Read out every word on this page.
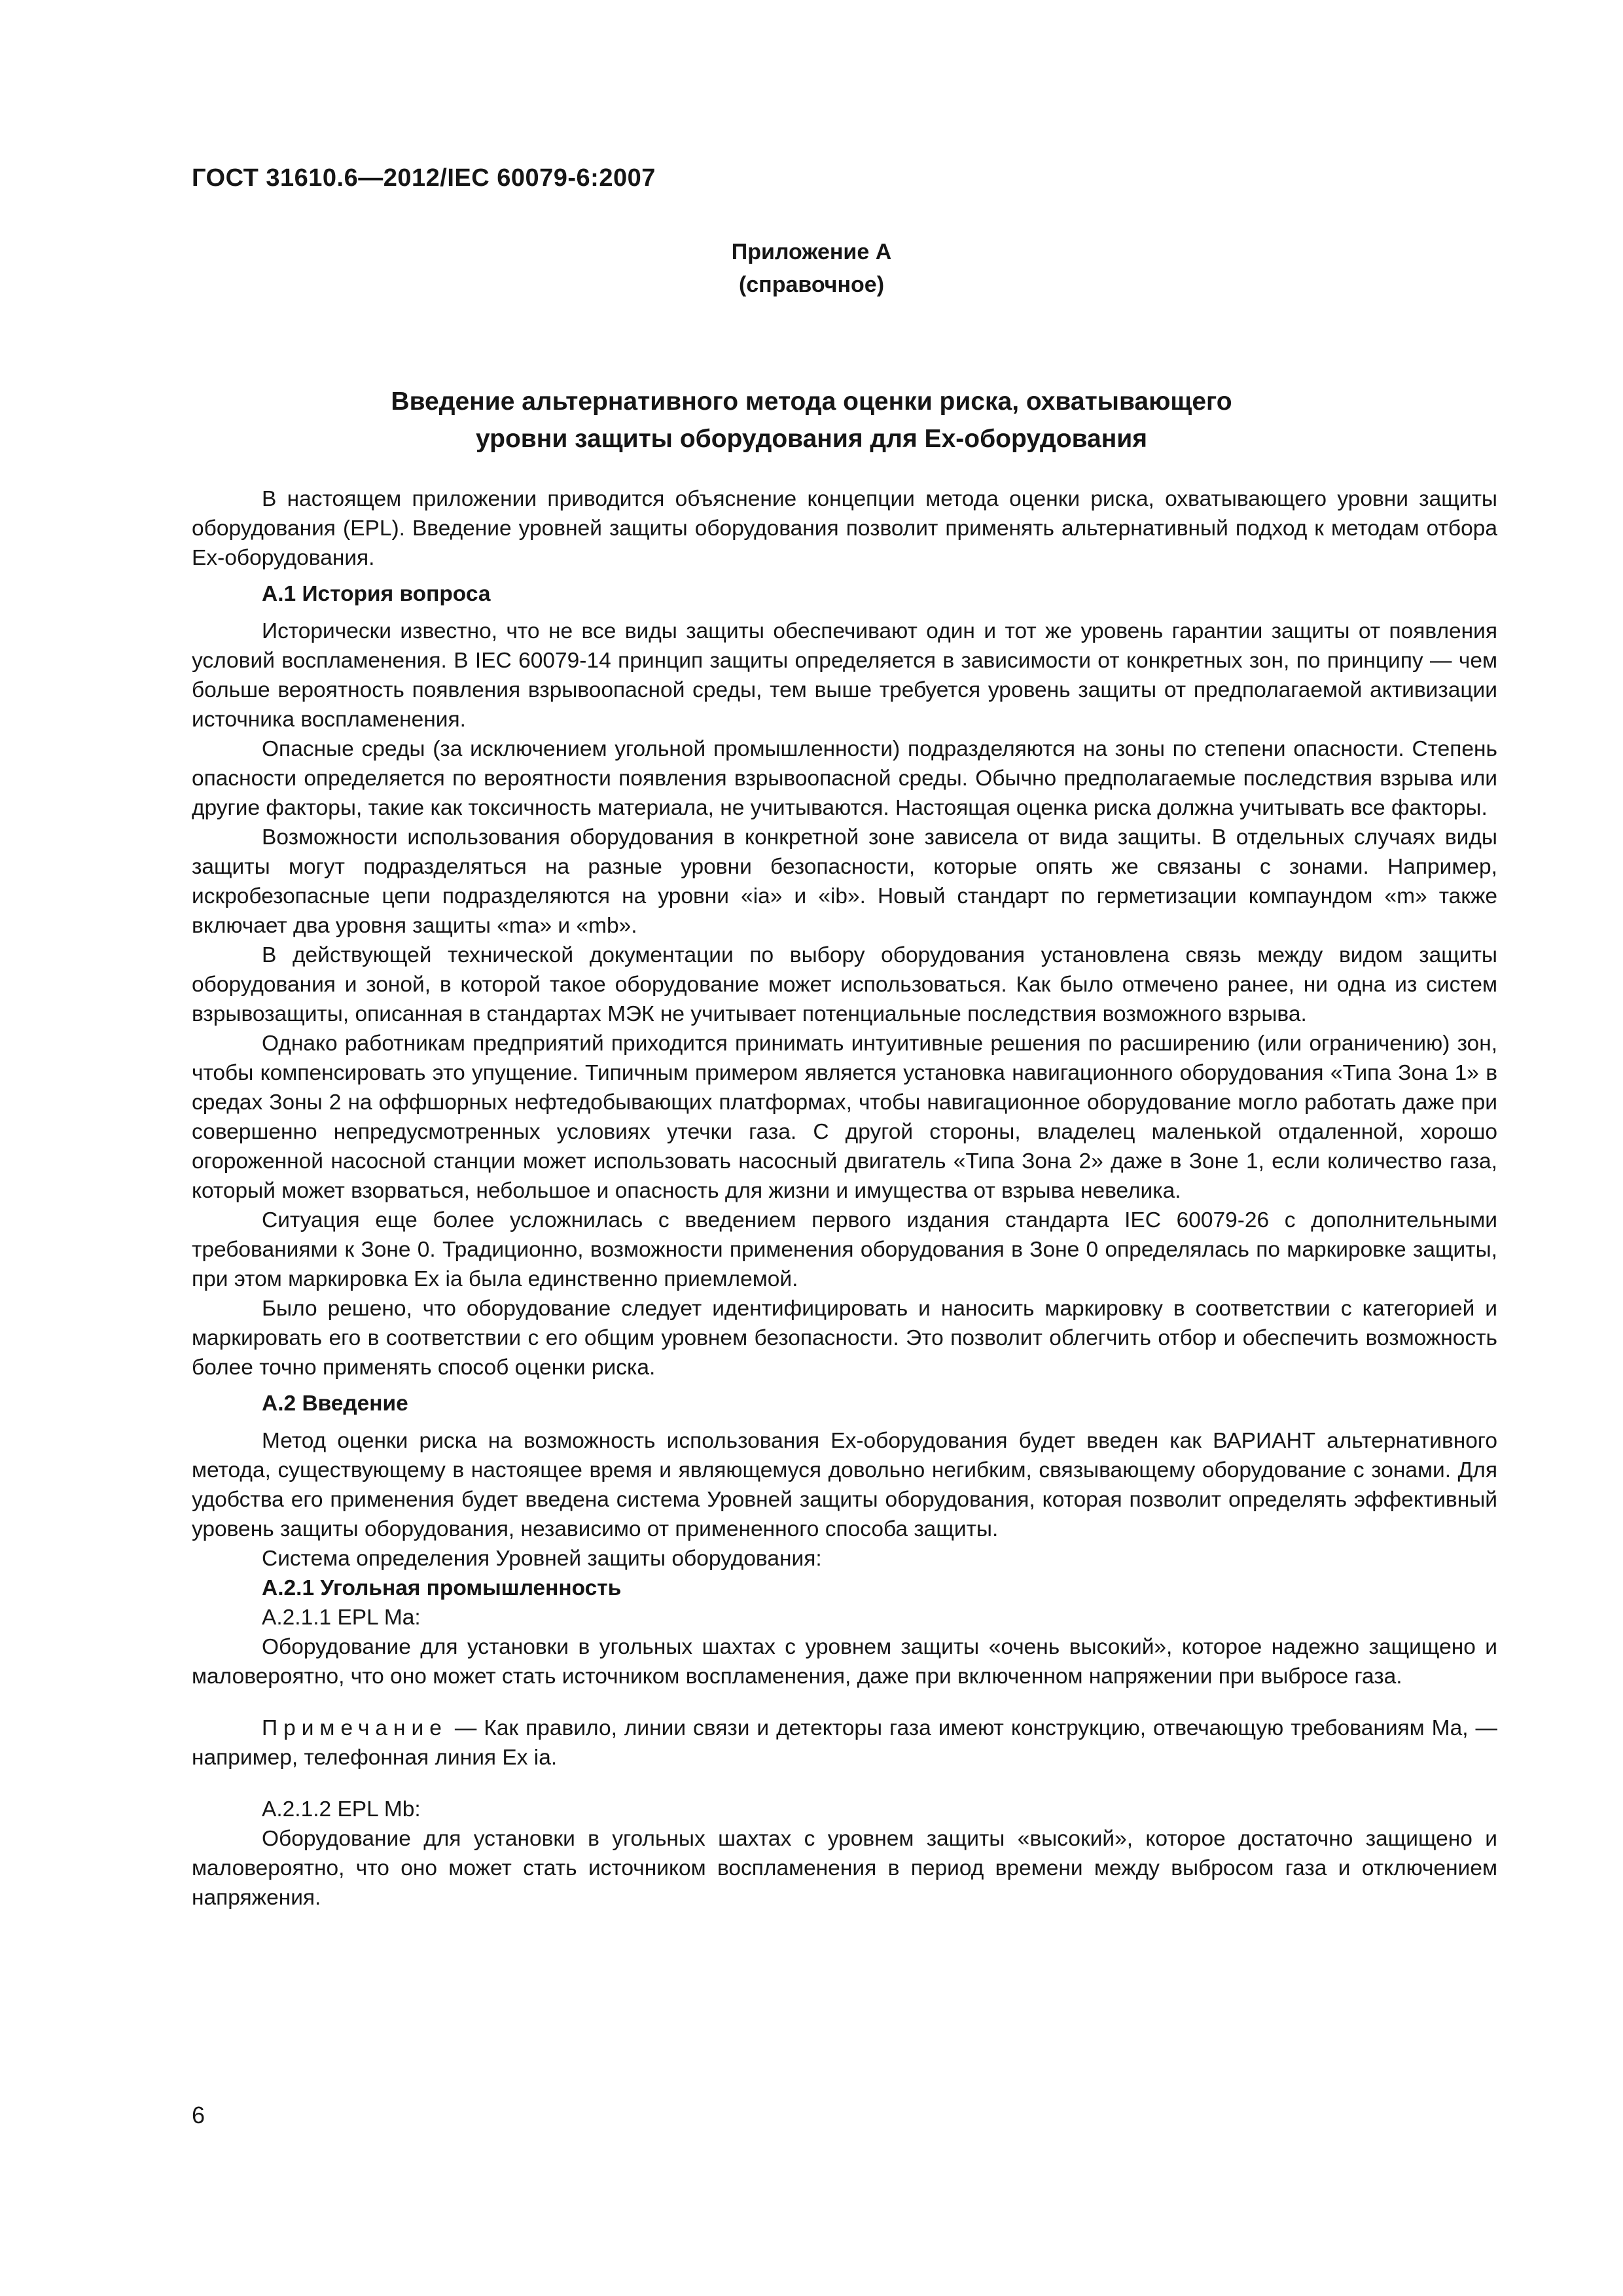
ГОСТ 31610.6—2012/IEC 60079-6:2007
Приложение А
(справочное)
Введение альтернативного метода оценки риска, охватывающего
уровни защиты оборудования для Ex-оборудования

В настоящем приложении приводится объяснение концепции метода оценки риска, охватывающего уровни защиты оборудования (EPL). Введение уровней защиты оборудования позволит применять альтернативный подход к методам отбора Ex-оборудования.

А.1 История вопроса

Исторически известно, что не все виды защиты обеспечивают один и тот же уровень гарантии защиты от появления условий воспламенения. В IEC 60079-14 принцип защиты определяется в зависимости от конкретных зон, по принципу — чем больше вероятность появления взрывоопасной среды, тем выше требуется уровень защиты от предполагаемой активизации источника воспламенения.

Опасные среды (за исключением угольной промышленности) подразделяются на зоны по степени опасности. Степень опасности определяется по вероятности появления взрывоопасной среды. Обычно предполагаемые последствия взрыва или другие факторы, такие как токсичность материала, не учитываются. Настоящая оценка риска должна учитывать все факторы.

Возможности использования оборудования в конкретной зоне зависела от вида защиты. В отдельных случаях виды защиты могут подразделяться на разные уровни безопасности, которые опять же связаны с зонами. Например, искробезопасные цепи подразделяются на уровни «ia» и «ib». Новый стандарт по герметизации компаундом «m» также включает два уровня защиты «ma» и «mb».

В действующей технической документации по выбору оборудования установлена связь между видом защиты оборудования и зоной, в которой такое оборудование может использоваться. Как было отмечено ранее, ни одна из систем взрывозащиты, описанная в стандартах МЭК не учитывает потенциальные последствия возможного взрыва.

Однако работникам предприятий приходится принимать интуитивные решения по расширению (или ограничению) зон, чтобы компенсировать это упущение. Типичным примером является установка навигационного оборудования «Типа Зона 1» в средах Зоны 2 на оффшорных нефтедобывающих платформах, чтобы навигационное оборудование могло работать даже при совершенно непредусмотренных условиях утечки газа. С другой стороны, владелец маленькой отдаленной, хорошо огороженной насосной станции может использовать насосный двигатель «Типа Зона 2» даже в Зоне 1, если количество газа, который может взорваться, небольшое и опасность для жизни и имущества от взрыва невелика.

Ситуация еще более усложнилась с введением первого издания стандарта IEC 60079-26 с дополнительными требованиями к Зоне 0. Традиционно, возможности применения оборудования в Зоне 0 определялась по маркировке защиты, при этом маркировка Ex ia была единственно приемлемой.

Было решено, что оборудование следует идентифицировать и наносить маркировку в соответствии с категорией и маркировать его в соответствии с его общим уровнем безопасности. Это позволит облегчить отбор и обеспечить возможность более точно применять способ оценки риска.

А.2 Введение

Метод оценки риска на возможность использования Ex-оборудования будет введен как ВАРИАНТ альтернативного метода, существующему в настоящее время и являющемуся довольно негибким, связывающему оборудование с зонами. Для удобства его применения будет введена система Уровней защиты оборудования, которая позволит определять эффективный уровень защиты оборудования, независимо от примененного способа защиты.

Система определения Уровней защиты оборудования:

А.2.1 Угольная промышленность
А.2.1.1 EPL Ma:

Оборудование для установки в угольных шахтах с уровнем защиты «очень высокий», которое надежно защищено и маловероятно, что оно может стать источником воспламенения, даже при включенном напряжении при выбросе газа.

Примечание — Как правило, линии связи и детекторы газа имеют конструкцию, отвечающую требованиям Ma, — например, телефонная линия Ex ia.

А.2.1.2 EPL Mb:

Оборудование для установки в угольных шахтах с уровнем защиты «высокий», которое достаточно защищено и маловероятно, что оно может стать источником воспламенения в период времени между выбросом газа и отключением напряжения.

6
